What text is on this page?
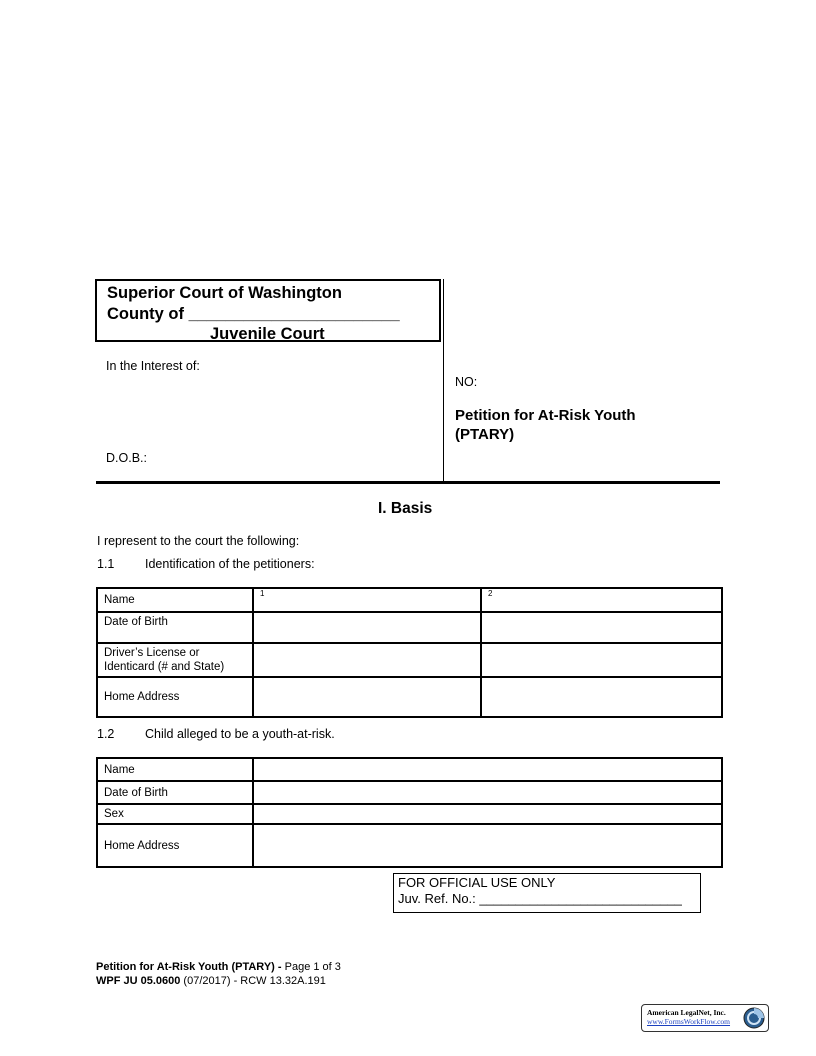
Superior Court of Washington
County of _______________________
Juvenile Court
In the Interest of:
D.O.B.:
NO:
Petition for At-Risk Youth
(PTARY)
I. Basis
I represent to the court the following:
1.1 Identification of the petitioners:
Name	$^1$	$^2$
Date of Birth		
Driver’s License or Identicard (# and State)		
Home Address		
1.2 Child alleged to be a youth-at-risk.
Name	
Date of Birth	
Sex	
Home Address	
FOR OFFICIAL USE ONLY
Juv. Ref. No.: ____________________________
Petition for At-Risk Youth (PTARY) - Page 1 of 3
WPF JU 05.0600 (07/2017) - RCW 13.32A.191
American LegalNet, Inc.
www.FormsWorkFlow.com
